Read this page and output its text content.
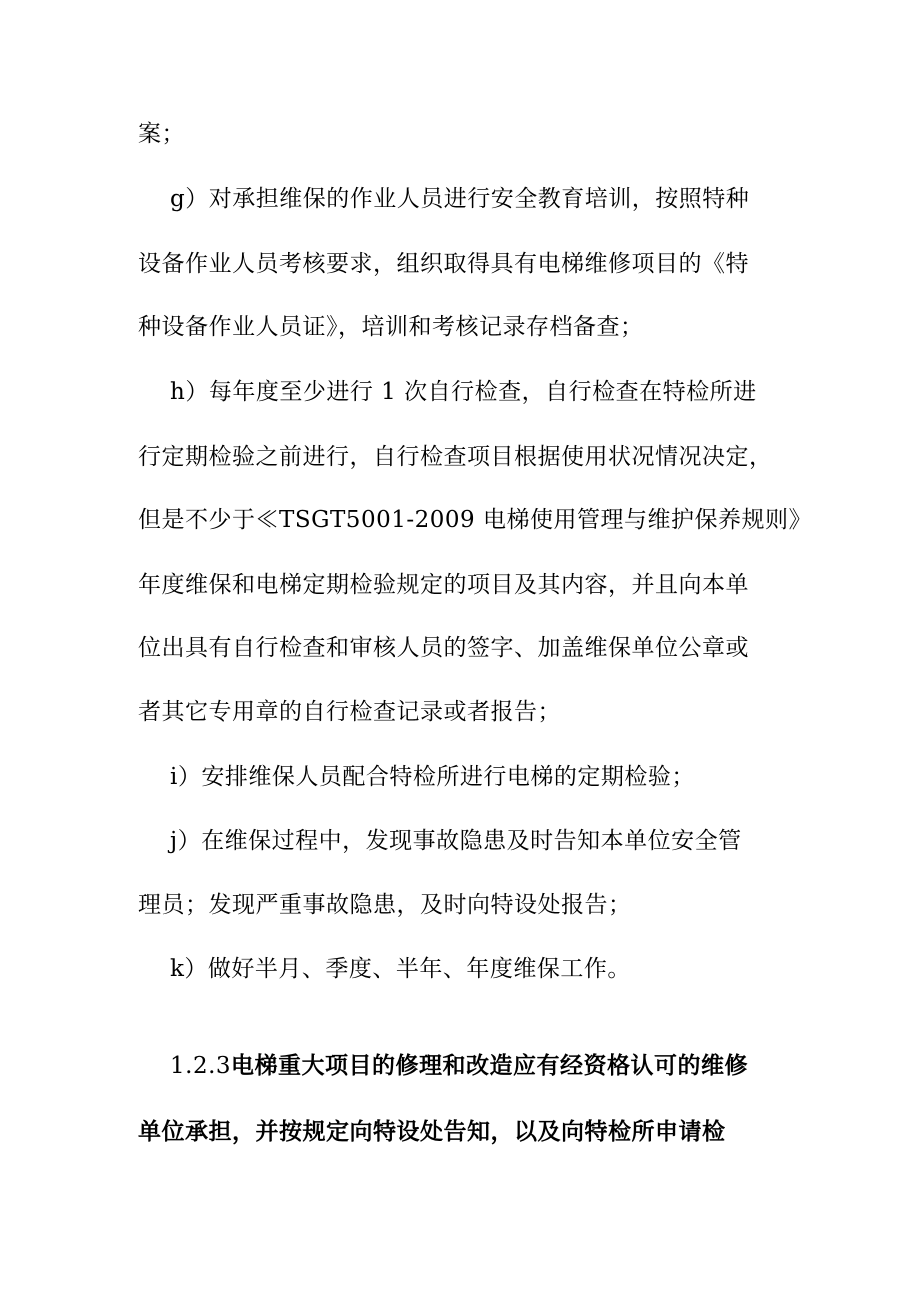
案；
g）对承担维保的作业人员进行安全教育培训，按照特种
设备作业人员考核要求，组织取得具有电梯维修项目的《特
种设备作业人员证》，培训和考核记录存档备查；
h）每年度至少进行 1 次自行检查，自行检查在特检所进
行定期检验之前进行，自行检查项目根据使用状况情况决定，
但是不少于≪TSGT5001-2009 电梯使用管理与维护保养规则》
年度维保和电梯定期检验规定的项目及其内容，并且向本单
位出具有自行检查和审核人员的签字、加盖维保单位公章或
者其它专用章的自行检查记录或者报告；
i）安排维保人员配合特检所进行电梯的定期检验；
j）在维保过程中，发现事故隐患及时告知本单位安全管
理员；发现严重事故隐患，及时向特设处报告；
k）做好半月、季度、半年、年度维保工作。
1.2.3电梯重大项目的修理和改造应有经资格认可的维修
单位承担，并按规定向特设处告知，以及向特检所申请检
